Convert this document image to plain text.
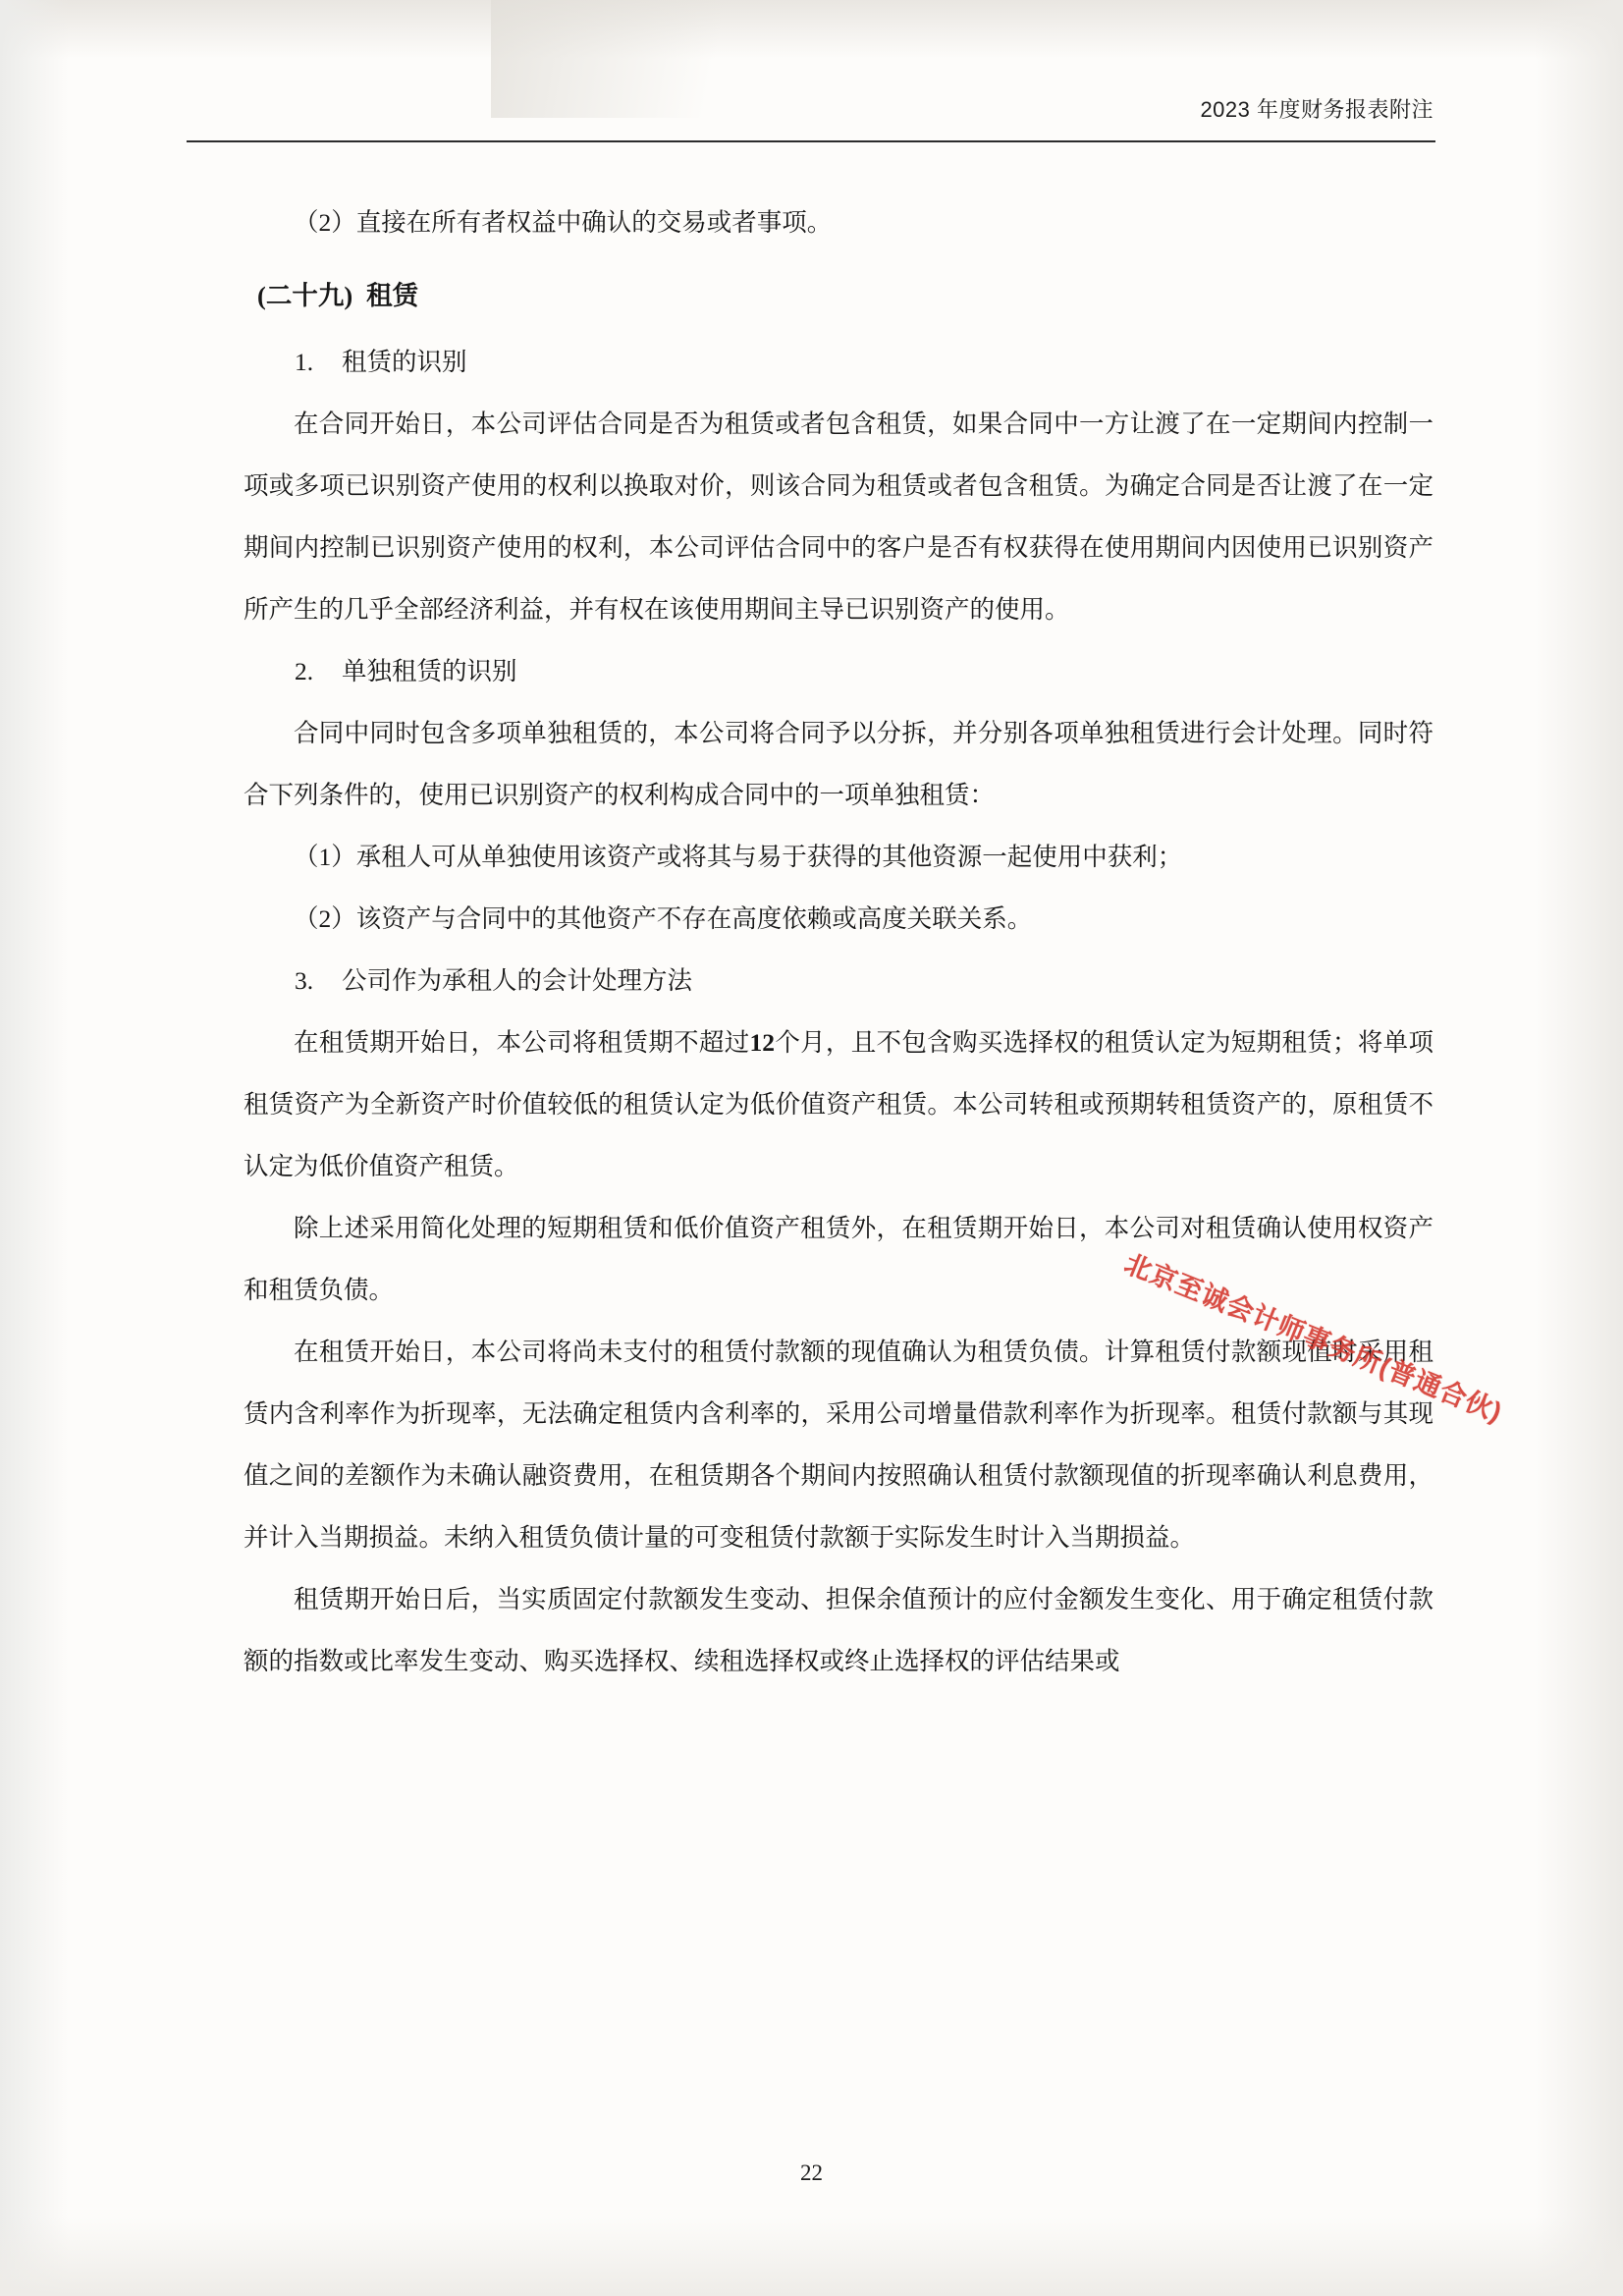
2023 年度财务报表附注

（2）直接在所有者权益中确认的交易或者事项。

(二十九) 租赁

1. 租赁的识别

在合同开始日，本公司评估合同是否为租赁或者包含租赁，如果合同中一方让渡了在一定期间内控制一项或多项已识别资产使用的权利以换取对价，则该合同为租赁或者包含租赁。为确定合同是否让渡了在一定期间内控制已识别资产使用的权利，本公司评估合同中的客户是否有权获得在使用期间内因使用已识别资产所产生的几乎全部经济利益，并有权在该使用期间主导已识别资产的使用。

2. 单独租赁的识别

合同中同时包含多项单独租赁的，本公司将合同予以分拆，并分别各项单独租赁进行会计处理。同时符合下列条件的，使用已识别资产的权利构成合同中的一项单独租赁：

（1）承租人可从单独使用该资产或将其与易于获得的其他资源一起使用中获利；

（2）该资产与合同中的其他资产不存在高度依赖或高度关联关系。

3. 公司作为承租人的会计处理方法

在租赁期开始日，本公司将租赁期不超过12个月，且不包含购买选择权的租赁认定为短期租赁；将单项租赁资产为全新资产时价值较低的租赁认定为低价值资产租赁。本公司转租或预期转租赁资产的，原租赁不认定为低价值资产租赁。

除上述采用简化处理的短期租赁和低价值资产租赁外，在租赁期开始日，本公司对租赁确认使用权资产和租赁负债。

在租赁开始日，本公司将尚未支付的租赁付款额的现值确认为租赁负债。计算租赁付款额现值时采用租赁内含利率作为折现率，无法确定租赁内含利率的，采用公司增量借款利率作为折现率。租赁付款额与其现值之间的差额作为未确认融资费用，在租赁期各个期间内按照确认租赁付款额现值的折现率确认利息费用，并计入当期损益。未纳入租赁负债计量的可变租赁付款额于实际发生时计入当期损益。

租赁期开始日后，当实质固定付款额发生变动、担保余值预计的应付金额发生变化、用于确定租赁付款额的指数或比率发生变动、购买选择权、续租选择权或终止选择权的评估结果或

北京至诚会计师事务所(普通合伙)
22
